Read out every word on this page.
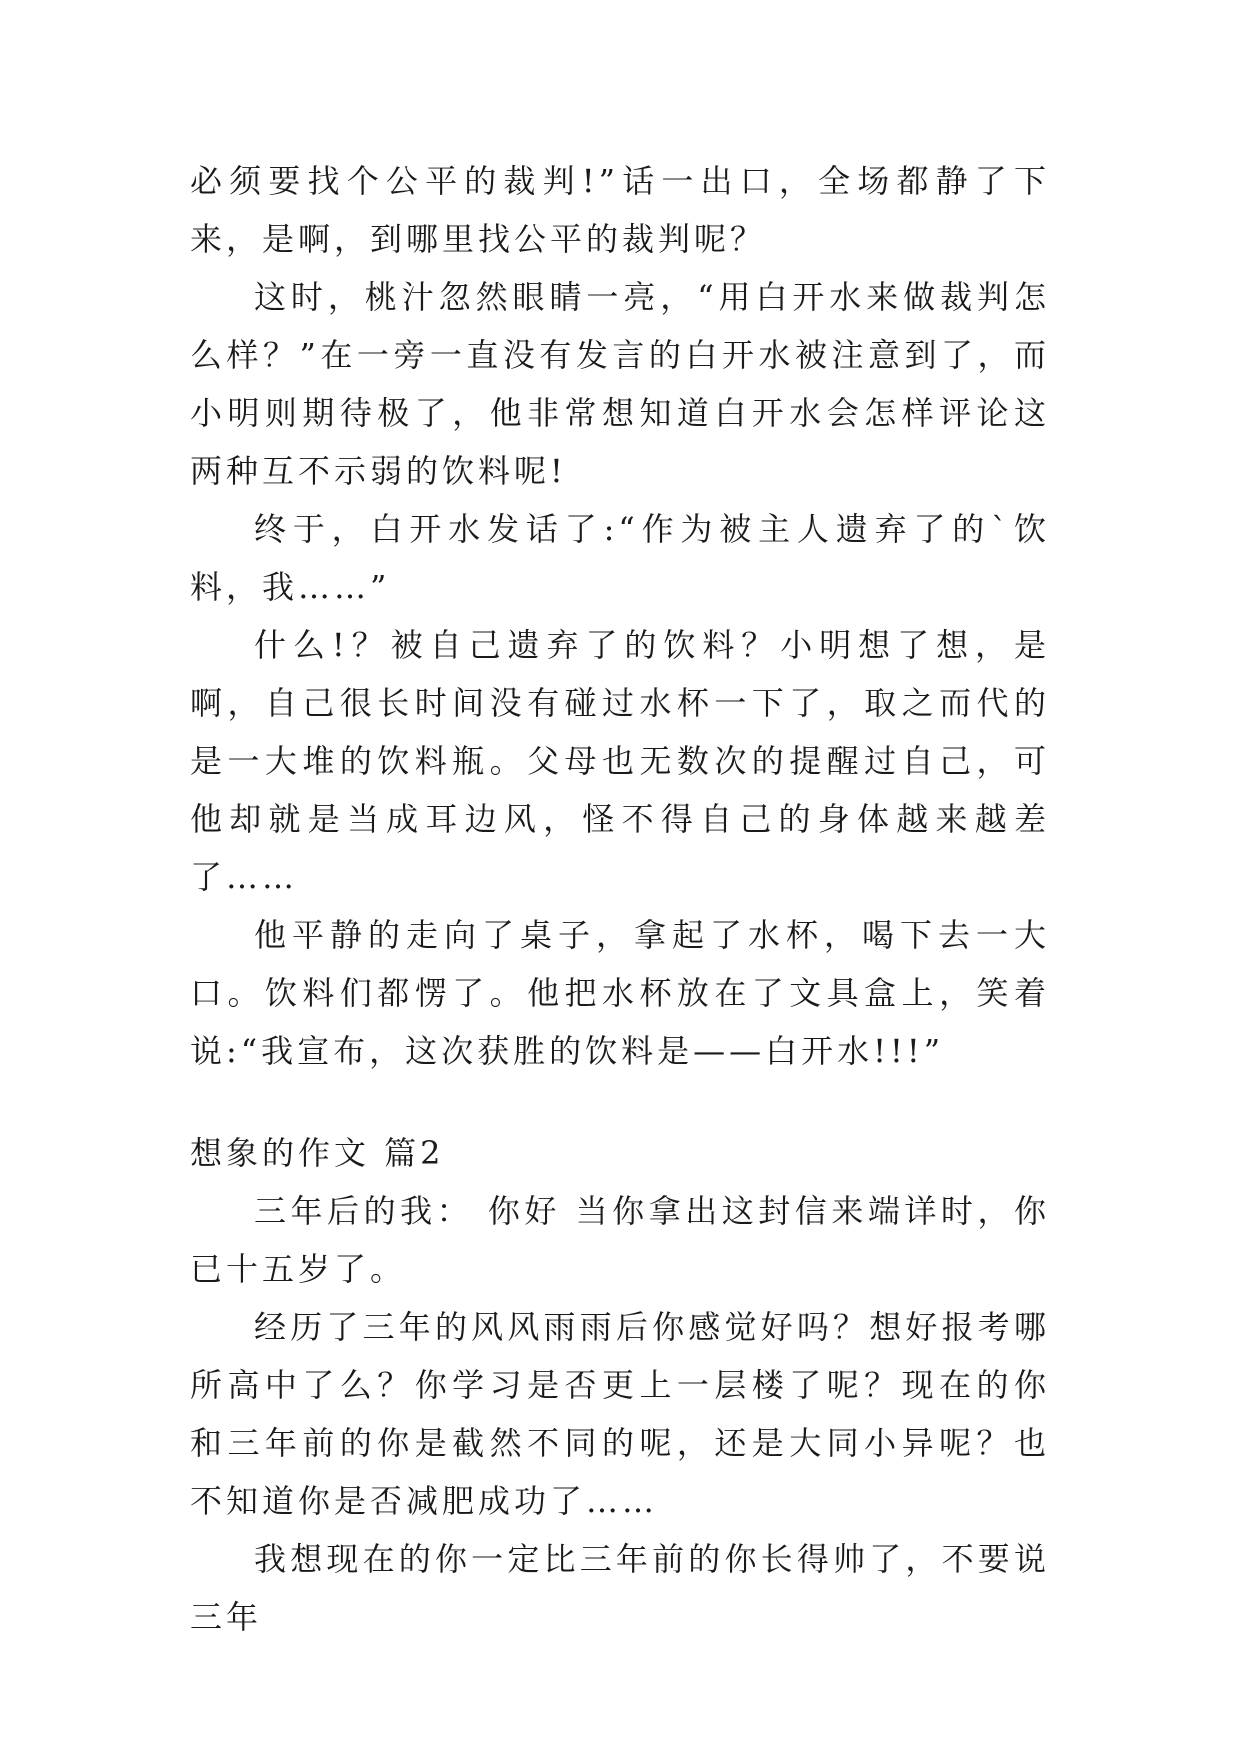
必须要找个公平的裁判!”话一出口，全场都静了下来，是啊，到哪里找公平的裁判呢？

这时，桃汁忽然眼睛一亮，“用白开水来做裁判怎么样？”在一旁一直没有发言的白开水被注意到了，而小明则期待极了，他非常想知道白开水会怎样评论这两种互不示弱的饮料呢!

终于，白开水发话了:“作为被主人遗弃了的`饮料，我……”

什么!？被自己遗弃了的饮料？小明想了想，是啊，自己很长时间没有碰过水杯一下了，取之而代的是一大堆的饮料瓶。父母也无数次的提醒过自己，可他却就是当成耳边风，怪不得自己的身体越来越差了……

他平静的走向了桌子，拿起了水杯，喝下去一大口。饮料们都愣了。他把水杯放在了文具盒上，笑着说:“我宣布，这次获胜的饮料是——白开水!!!”

想象的作文 篇2

三年后的我： 你好 当你拿出这封信来端详时，你已十五岁了。

经历了三年的风风雨雨后你感觉好吗？想好报考哪所高中了么？你学习是否更上一层楼了呢？现在的你和三年前的你是截然不同的呢，还是大同小异呢？也不知道你是否减肥成功了……

我想现在的你一定比三年前的你长得帅了，不要说三年
